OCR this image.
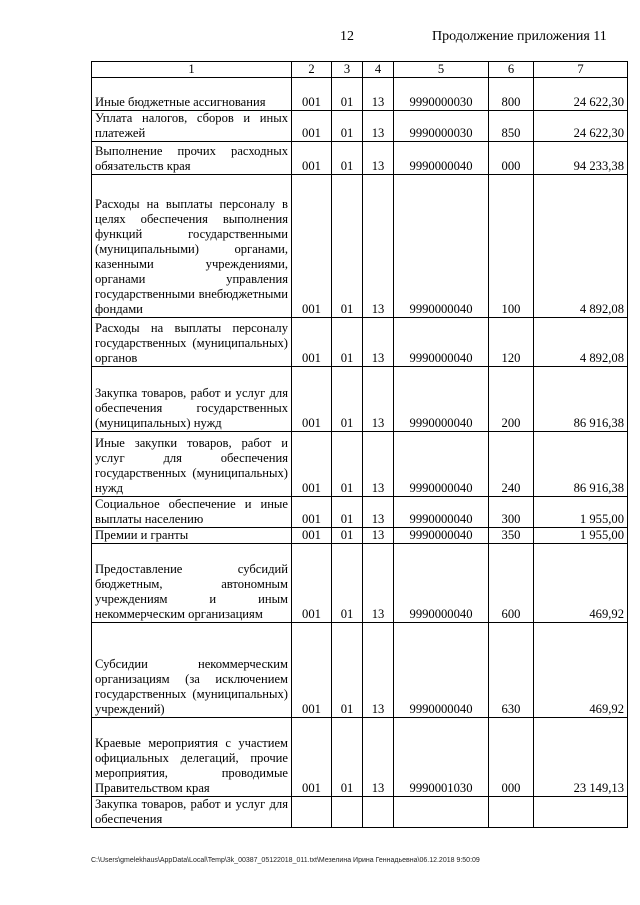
12	Продолжение приложения 11
1	2	3	4	5	6	7
Иные бюджетные ассигнования	001	01	13	9990000030	800	24 622,30
Уплата налогов, сборов и иных платежей	001	01	13	9990000030	850	24 622,30
Выполнение прочих расходных обязательств края	001	01	13	9990000040	000	94 233,38
Расходы на выплаты персоналу в целях обеспечения выполнения функций государственными (муниципальными) органами, казенными учреждениями, органами управления государственными внебюджетными фондами	001	01	13	9990000040	100	4 892,08
Расходы на выплаты персоналу государственных (муниципальных) органов	001	01	13	9990000040	120	4 892,08
Закупка товаров, работ и услуг для обеспечения государственных (муниципальных) нужд	001	01	13	9990000040	200	86 916,38
Иные закупки товаров, работ и услуг для обеспечения государственных (муниципальных) нужд	001	01	13	9990000040	240	86 916,38
Социальное обеспечение и иные выплаты населению	001	01	13	9990000040	300	1 955,00
Премии и гранты	001	01	13	9990000040	350	1 955,00
Предоставление субсидий бюджетным, автономным учреждениям и иным некоммерческим организациям	001	01	13	9990000040	600	469,92
Субсидии некоммерческим организациям (за исключением государственных (муниципальных) учреждений)	001	01	13	9990000040	630	469,92
Краевые мероприятия с участием официальных делегаций, прочие мероприятия, проводимые Правительством края	001	01	13	9990001030	000	23 149,13
Закупка товаров, работ и услуг для обеспечения						
C:\Users\gmelekhaus\AppData\Local\Temp\3k_00387_05122018_011.txt\Мезелина Ирина Геннадьевна\06.12.2018 9:50:09
